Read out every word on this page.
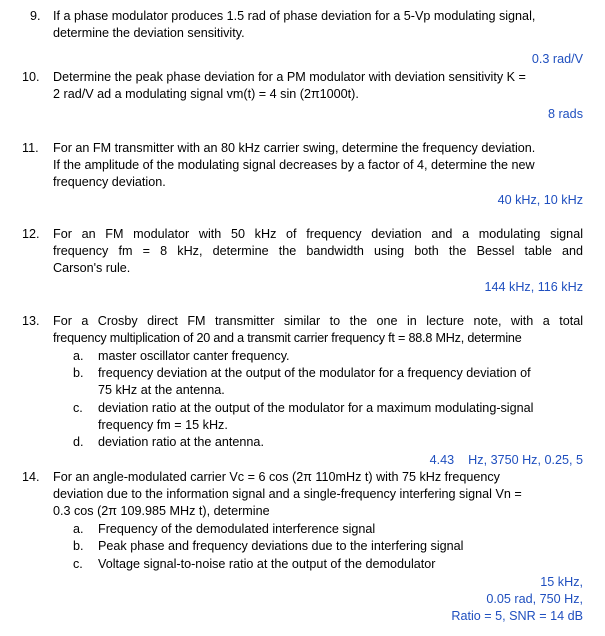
9. If a phase modulator produces 1.5 rad of phase deviation for a 5-Vp modulating signal,
determine the deviation sensitivity.
0.3 rad/V
10. Determine the peak phase deviation for a PM modulator with deviation sensitivity K =
2 rad/V ad a modulating signal vm(t) = 4 sin (2π1000t).
8 rads
11. For an FM transmitter with an 80 kHz carrier swing, determine the frequency deviation.
If the amplitude of the modulating signal decreases by a factor of 4, determine the new
frequency deviation.
40 kHz, 10 kHz
12. For an FM modulator with 50 kHz of frequency deviation and a modulating signal
frequency fm = 8 kHz, determine the bandwidth using both the Bessel table and
Carson's rule.
144 kHz, 116 kHz
13. For a Crosby direct FM transmitter similar to the one in lecture note, with a total
frequency multiplication of 20 and a transmit carrier frequency ft = 88.8 MHz, determine
a. master oscillator canter frequency.
b. frequency deviation at the output of the modulator for a frequency deviation of
75 kHz at the antenna.
c. deviation ratio at the output of the modulator for a maximum modulating-signal
frequency fm = 15 kHz.
d. deviation ratio at the antenna.
4.43    Hz, 3750 Hz, 0.25, 5
14. For an angle-modulated carrier Vc = 6 cos (2π 110mHz t) with 75 kHz frequency
deviation due to the information signal and a single-frequency interfering signal Vn =
0.3 cos (2π 109.985 MHz t), determine
a. Frequency of the demodulated interference signal
b. Peak phase and frequency deviations due to the interfering signal
c. Voltage signal-to-noise ratio at the output of the demodulator
15 kHz,
0.05 rad, 750 Hz,
Ratio = 5, SNR = 14 dB
